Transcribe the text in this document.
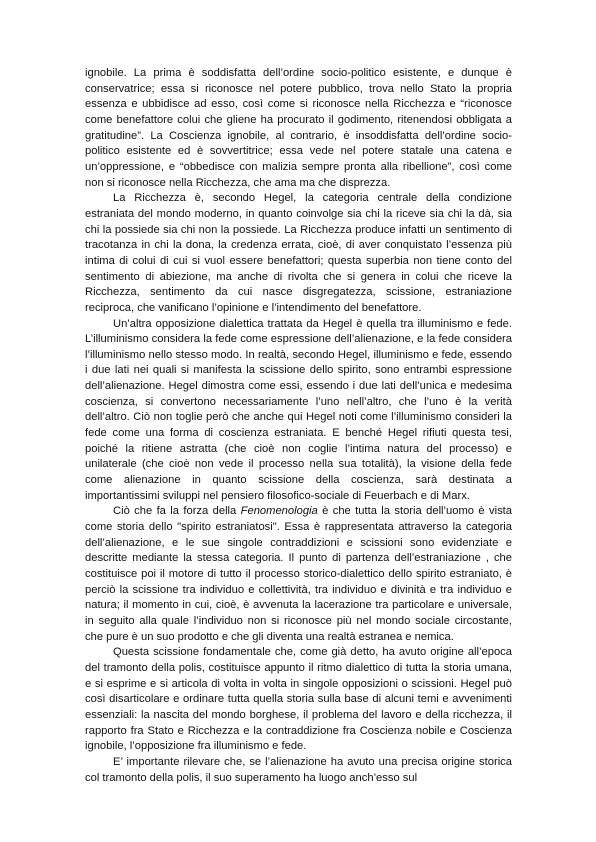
ignobile. La prima è soddisfatta dell’ordine socio-politico esistente, e dunque è conservatrice; essa si riconosce nel potere pubblico, trova nello Stato la propria essenza e ubbidisce ad esso, così come si riconosce nella Ricchezza e “riconosce come benefattore colui che gliene ha procurato il godimento, ritenendosi obbligata a gratitudine”. La Coscienza ignobile, al contrario, è insoddisfatta dell’ordine socio-politico esistente ed è sovvertitrice; essa vede nel potere statale una catena e un’oppressione, e “obbedisce con malizia sempre pronta alla ribellione”, così come non si riconosce nella Ricchezza, che ama ma che disprezza.

La Ricchezza è, secondo Hegel, la categoria centrale della condizione estraniata del mondo moderno, in quanto coinvolge sia chi la riceve sia chi la dà, sia chi la possiede sia chi non la possiede. La Ricchezza produce infatti un sentimento di tracotanza in chi la dona, la credenza errata, cioè, di aver conquistato l’essenza più intima di colui di cui si vuol essere benefattori; questa superbia non tiene conto del sentimento di abiezione, ma anche di rivolta che si genera in colui che riceve la Ricchezza, sentimento da cui nasce disgregatezza, scissione, estraniazione reciproca, che vanificano l’opinione e l’intendimento del benefattore.

Un’altra opposizione dialettica trattata da Hegel è quella tra illuminismo e fede. L’illuminismo considera la fede come espressione dell’alienazione, e la fede considera l’illuminismo nello stesso modo. In realtà, secondo Hegel, illuminismo e fede, essendo i due lati nei quali si manifesta la scissione dello spirito, sono entrambi espressione dell’alienazione. Hegel dimostra come essi, essendo i due lati dell’unica e medesima coscienza, si convertono necessariamente l’uno nell’altro, che l’uno è la verità dell’altro. Ciò non toglie però che anche qui Hegel noti come l’illuminismo consideri la fede come una forma di coscienza estraniata. E benché Hegel rifiuti questa tesi, poiché la ritiene astratta (che cioè non coglie l’intima natura del processo) e unilaterale (che cioè non vede il processo nella sua totalità), la visione della fede come alienazione in quanto scissione della coscienza, sarà destinata a importantissimi sviluppi nel pensiero filosofico-sociale di Feuerbach e di Marx.

Ciò che fa la forza della Fenomenologia è che tutta la storia dell’uomo è vista come storia dello "spirito estraniatosi". Essa è rappresentata attraverso la categoria dell’alienazione, e le sue singole contraddizioni e scissioni sono evidenziate e descritte mediante la stessa categoria. Il punto di partenza dell’estraniazione , che costituisce poi il motore di tutto il processo storico-dialettico dello spirito estraniato, è perciò la scissione tra individuo e collettività, tra individuo e divinità e tra individuo e natura; il momento in cui, cioè, è avvenuta la lacerazione tra particolare e universale, in seguito alla quale l’individuo non si riconosce più nel mondo sociale circostante, che pure è un suo prodotto e che gli diventa una realtà estranea e nemica.

Questa scissione fondamentale che, come già detto, ha avuto origine all’epoca del tramonto della polis, costituisce appunto il ritmo dialettico di tutta la storia umana, e si esprime e si articola di volta in volta in singole opposizioni o scissioni. Hegel può così disarticolare e ordinare tutta quella storia sulla base di alcuni temi e avvenimenti essenziali: la nascita del mondo borghese, il problema del lavoro e della ricchezza, il rapporto fra Stato e Ricchezza e la contraddizione fra Coscienza nobile e Coscienza ignobile, l’opposizione fra illuminismo e fede.

E’ importante rilevare che, se l’alienazione ha avuto una precisa origine storica col tramonto della polis, il suo superamento ha luogo anch’esso sul
